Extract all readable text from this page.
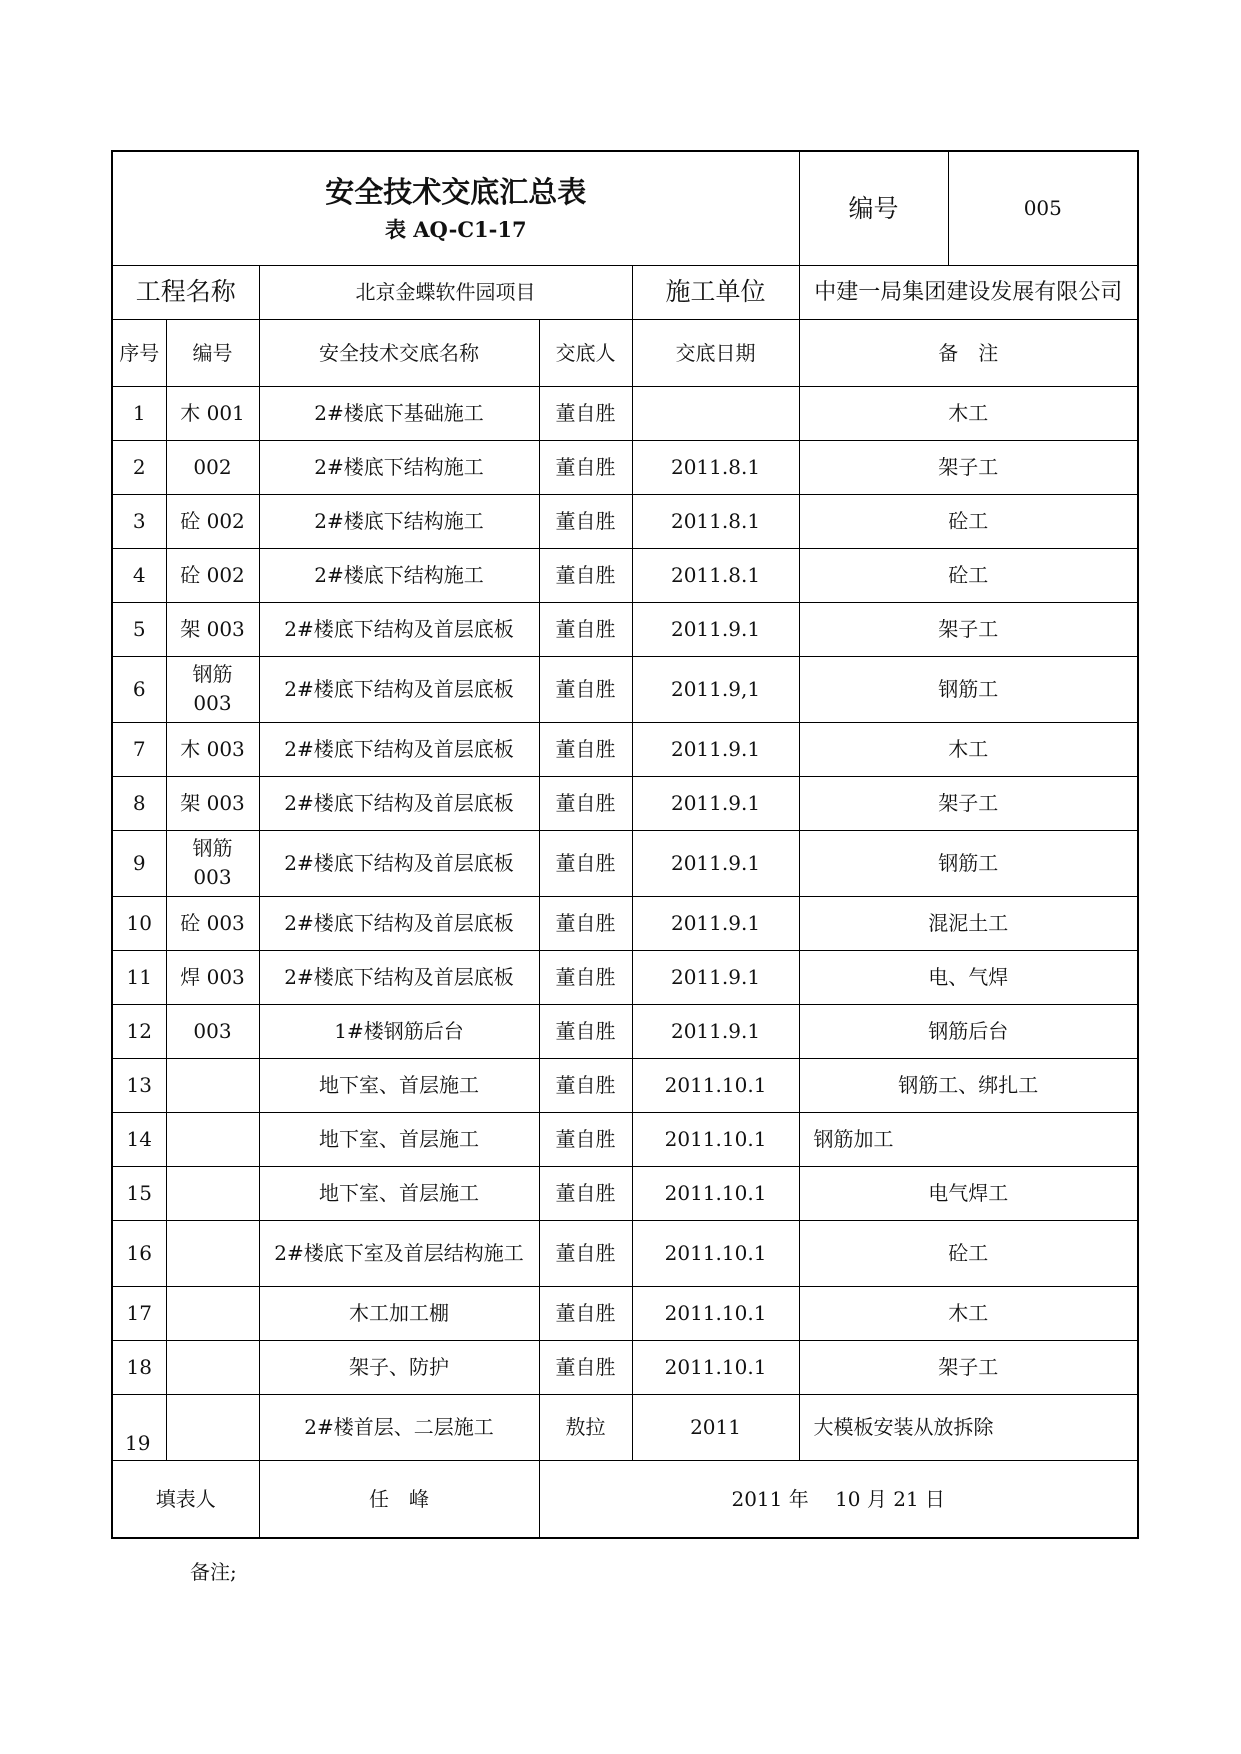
安全技术交底汇总表
表 AQ-C1-17					编号	005
工程名称		北京金蝶软件园项目		施工单位	中建一局集团建设发展有限公司	
序号	编号	安全技术交底名称	交底人	交底日期	备　注	
1	木 001	2#楼底下基础施工	董自胜		木工	
2	002	2#楼底下结构施工	董自胜	2011.8.1	架子工	
3	砼 002	2#楼底下结构施工	董自胜	2011.8.1	砼工	
4	砼 002	2#楼底下结构施工	董自胜	2011.8.1	砼工	
5	架 003	2#楼底下结构及首层底板	董自胜	2011.9.1	架子工	
6	钢筋 003	2#楼底下结构及首层底板	董自胜	2011.9,1	钢筋工	
7	木 003	2#楼底下结构及首层底板	董自胜	2011.9.1	木工	
8	架 003	2#楼底下结构及首层底板	董自胜	2011.9.1	架子工	
9	钢筋 003	2#楼底下结构及首层底板	董自胜	2011.9.1	钢筋工	
10	砼 003	2#楼底下结构及首层底板	董自胜	2011.9.1	混泥土工	
11	焊 003	2#楼底下结构及首层底板	董自胜	2011.9.1	电、气焊	
12	003	1#楼钢筋后台	董自胜	2011.9.1	钢筋后台	
13		地下室、首层施工	董自胜	2011.10.1	钢筋工、绑扎工	
14		地下室、首层施工	董自胜	2011.10.1	钢筋加工	
15		地下室、首层施工	董自胜	2011.10.1	电气焊工	
16		2#楼底下室及首层结构施工	董自胜	2011.10.1	砼工	
17		木工加工棚	董自胜	2011.10.1	木工	
18		架子、防护	董自胜	2011.10.1	架子工	
19		2#楼首层、二层施工	敖拉	2011	大模板安装从放拆除	
填表人		任　峰	2011 年　 10 月 21 日			
备注;
